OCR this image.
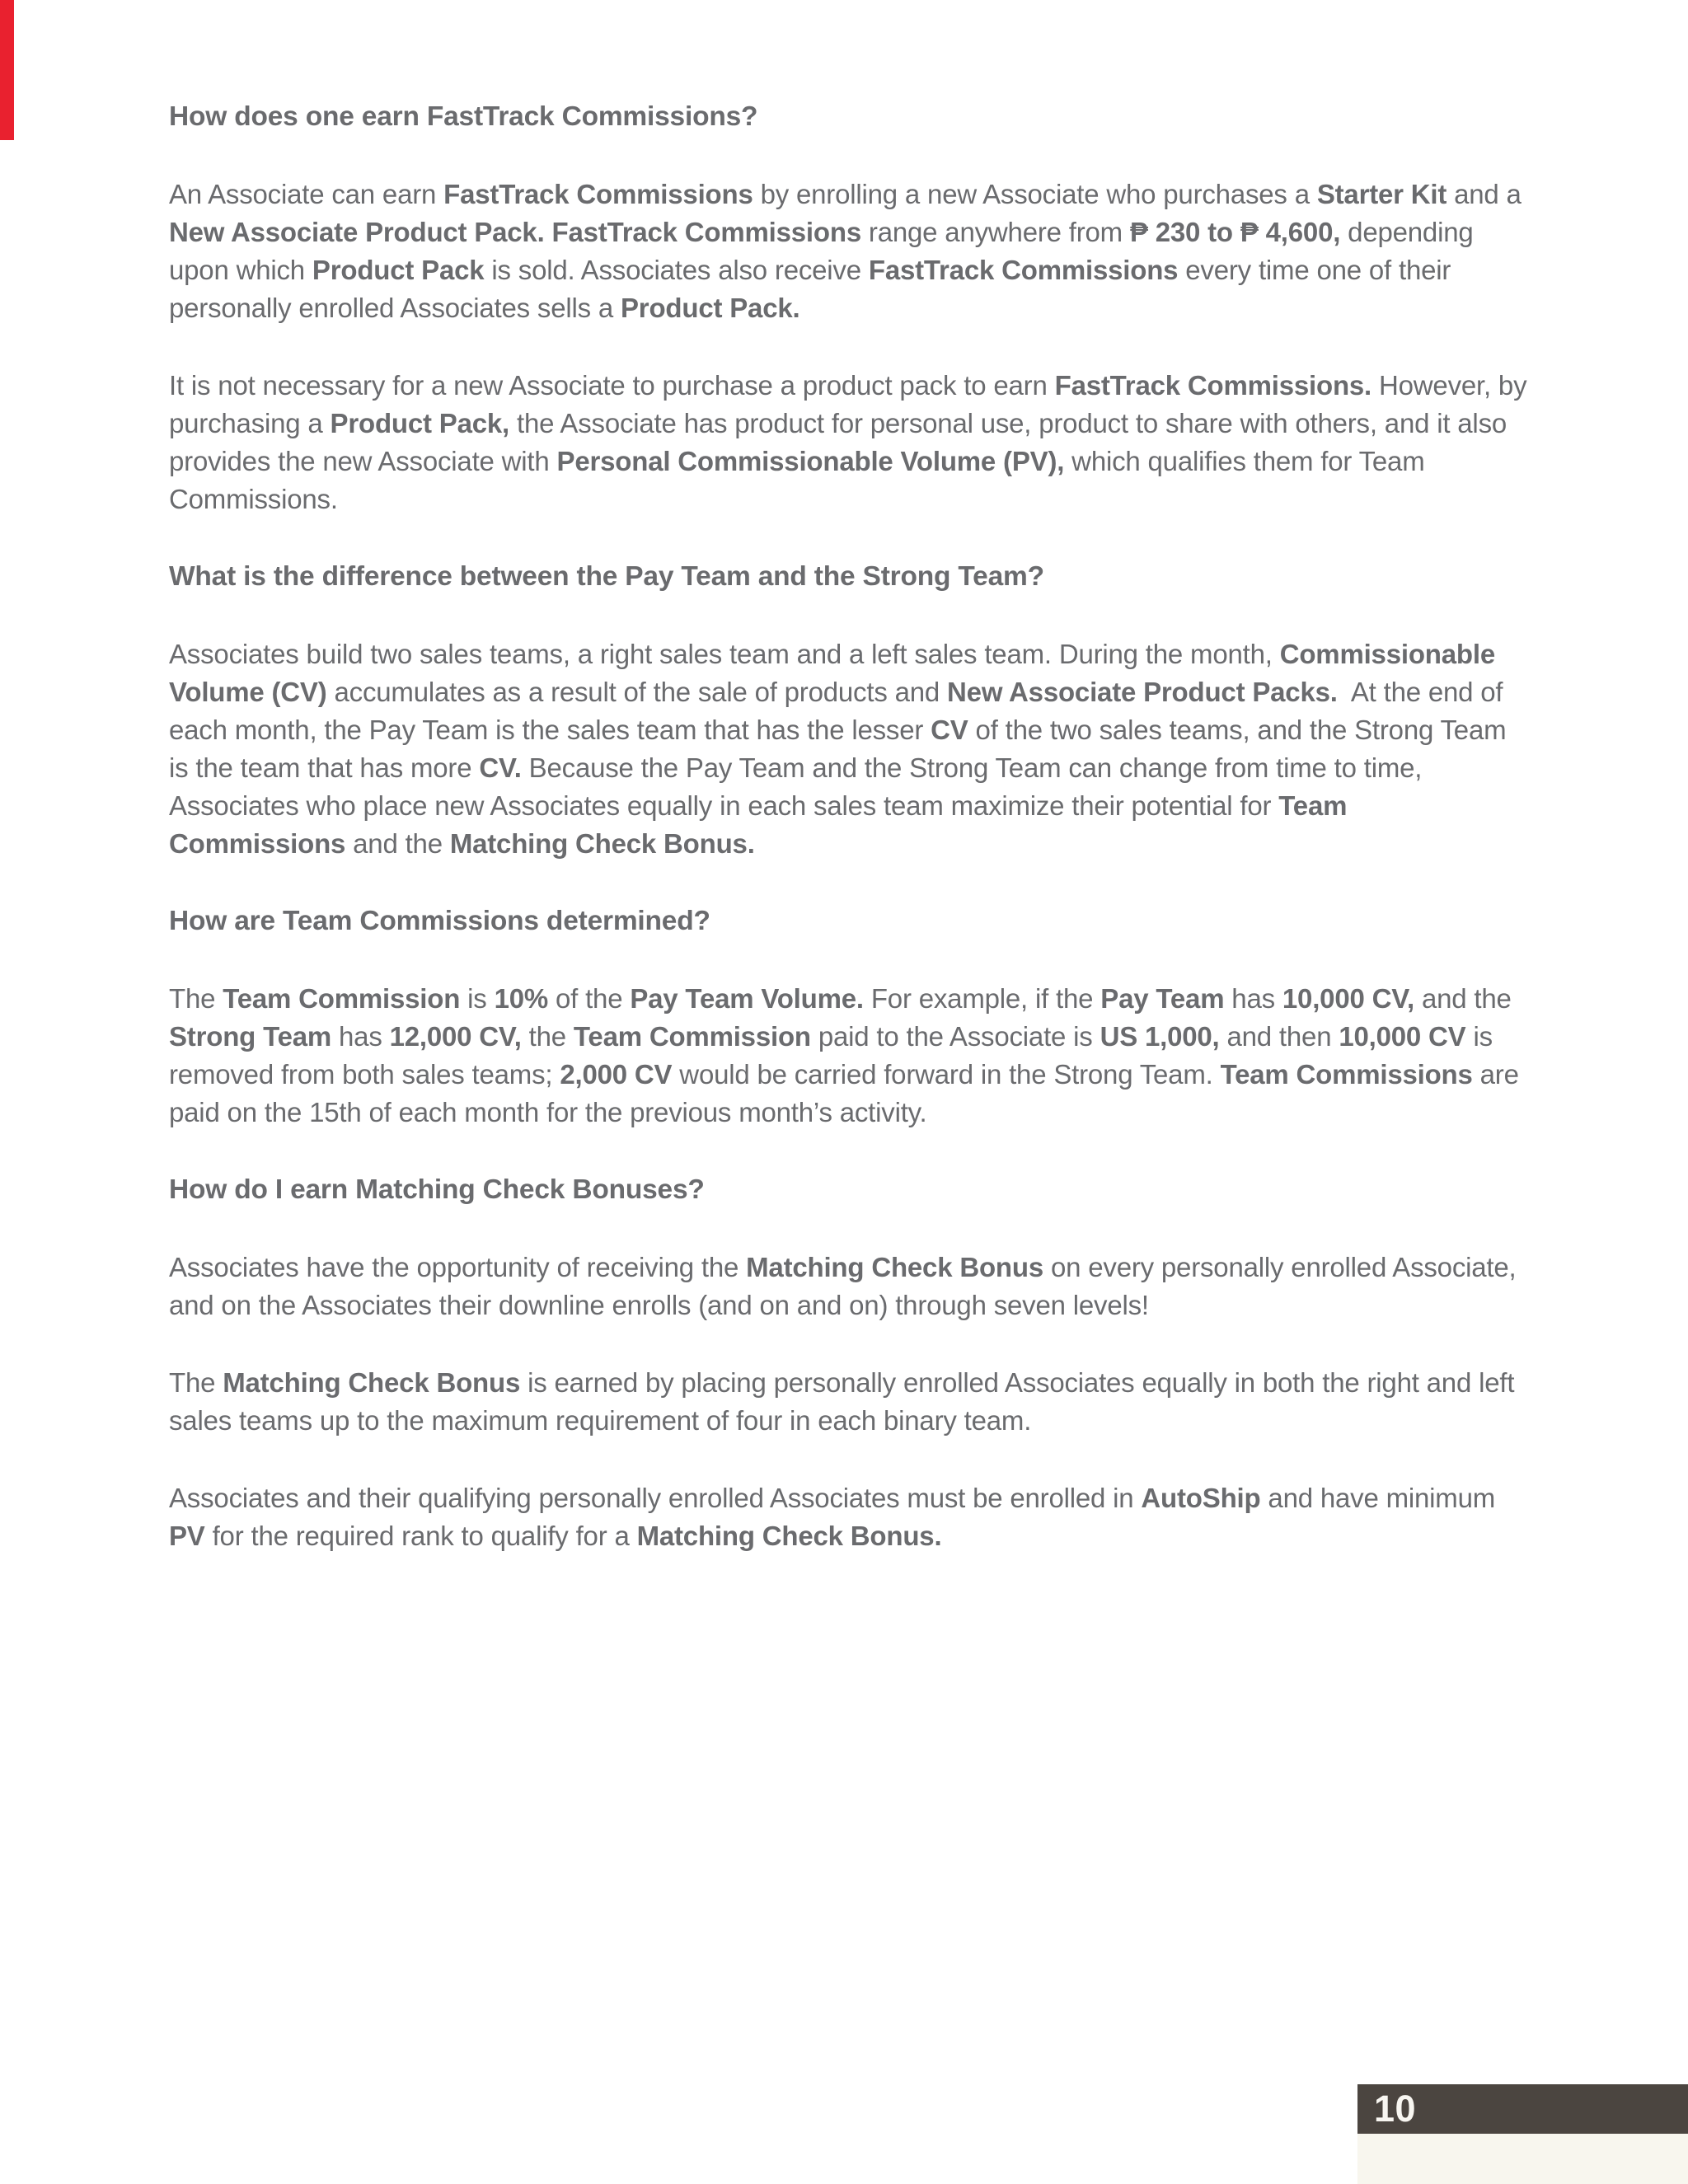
How does one earn FastTrack Commissions?

An Associate can earn FastTrack Commissions by enrolling a new Associate who purchases a Starter Kit and a New Associate Product Pack. FastTrack Commissions range anywhere from ₱ 230 to ₱ 4,600, depending upon which Product Pack is sold. Associates also receive FastTrack Commissions every time one of their personally enrolled Associates sells a Product Pack.

It is not necessary for a new Associate to purchase a product pack to earn FastTrack Commissions. However, by purchasing a Product Pack, the Associate has product for personal use, product to share with others, and it also provides the new Associate with Personal Commissionable Volume (PV), which qualifies them for Team Commissions.

What is the difference between the Pay Team and the Strong Team?

Associates build two sales teams, a right sales team and a left sales team. During the month, Commissionable Volume (CV) accumulates as a result of the sale of products and New Associate Product Packs.  At the end of each month, the Pay Team is the sales team that has the lesser CV of the two sales teams, and the Strong Team is the team that has more CV. Because the Pay Team and the Strong Team can change from time to time, Associates who place new Associates equally in each sales team maximize their potential for Team Commissions and the Matching Check Bonus.

How are Team Commissions determined?

The Team Commission is 10% of the Pay Team Volume. For example, if the Pay Team has 10,000 CV, and the Strong Team has 12,000 CV, the Team Commission paid to the Associate is US 1,000, and then 10,000 CV is removed from both sales teams; 2,000 CV would be carried forward in the Strong Team. Team Commissions are paid on the 15th of each month for the previous month’s activity.

How do I earn Matching Check Bonuses?

Associates have the opportunity of receiving the Matching Check Bonus on every personally enrolled Associate, and on the Associates their downline enrolls (and on and on) through seven levels!

The Matching Check Bonus is earned by placing personally enrolled Associates equally in both the right and left sales teams up to the maximum requirement of four in each binary team.

Associates and their qualifying personally enrolled Associates must be enrolled in AutoShip and have minimum PV for the required rank to qualify for a Matching Check Bonus.

10
